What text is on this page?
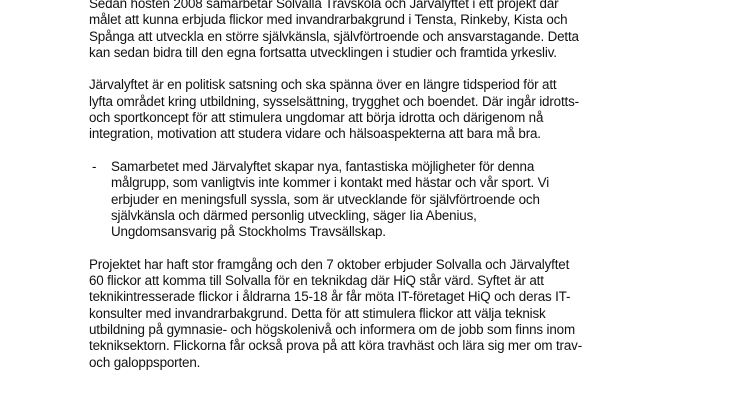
Sedan hösten 2008 samarbetar Solvalla Travskola och Järvalyftet i ett projekt där
målet att kunna erbjuda flickor med invandrarbakgrund i Tensta, Rinkeby, Kista och
Spånga att utveckla en större självkänsla, självförtroende och ansvarstagande. Detta
kan sedan bidra till den egna fortsatta utvecklingen i studier och framtida yrkesliv.

Järvalyftet är en politisk satsning och ska spänna över en längre tidsperiod för att
lyfta området kring utbildning, sysselsättning, trygghet och boendet. Där ingår idrotts-
och sportkoncept för att stimulera ungdomar att börja idrotta och därigenom nå
integration, motivation att studera vidare och hälsoaspekterna att bara må bra.

- Samarbetet med Järvalyftet skapar nya, fantastiska möjligheter för denna
målgrupp, som vanligtvis inte kommer i kontakt med hästar och vår sport. Vi
erbjuder en meningsfull syssla, som är utvecklande för självförtroende och
självkänsla och därmed personlig utveckling, säger Iia Abenius,
Ungdomsansvarig på Stockholms Travsällskap.

Projektet har haft stor framgång och den 7 oktober erbjuder Solvalla och Järvalyftet
60 flickor att komma till Solvalla för en teknikdag där HiQ står värd. Syftet är att
teknikintresserade flickor i åldrarna 15-18 år får möta IT-företaget HiQ och deras IT-
konsulter med invandrarbakgrund. Detta för att stimulera flickor att välja teknisk
utbildning på gymnasie- och högskolenivå och informera om de jobb som finns inom
tekniksektorn. Flickorna får också prova på att köra travhäst och lära sig mer om trav-
och galoppsporten.
